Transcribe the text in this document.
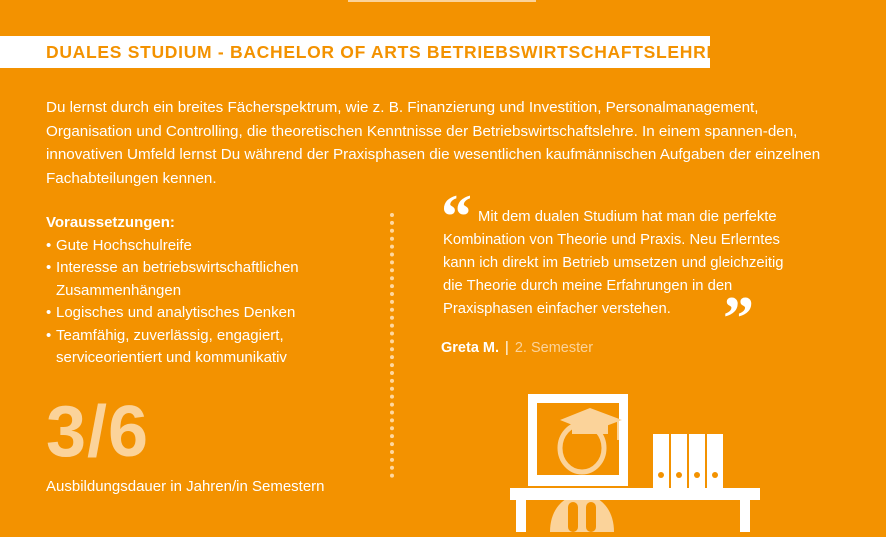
DUALES STUDIUM - BACHELOR OF ARTS BETRIEBSWIRTSCHAFTSLEHRE

Du lernst durch ein breites Fächerspektrum, wie z. B. Finanzierung und Investition, Personalmanagement, Organisation und Controlling, die theoretischen Kenntnisse der Betriebswirtschaftslehre. In einem spannen-den, innovativen Umfeld lernst Du während der Praxisphasen die wesentlichen kaufmännischen Aufgaben der einzelnen Fachabteilungen kennen.

Voraussetzungen:
• Gute Hochschulreife
• Interesse an betriebswirtschaftlichen Zusammenhängen
• Logisches und analytisches Denken
• Teamfähig, zuverlässig, engagiert, serviceorientiert und kommunikativ
“ Mit dem dualen Studium hat man die perfekte Kombination von Theorie und Praxis. Neu Erlerntes kann ich direkt im Betrieb umsetzen und gleichzeitig die Theorie durch meine Erfahrungen in den Praxisphasen einfacher verstehen. ”
Greta M. | 2. Semester
3/6
Ausbildungsdauer in Jahren/in Semestern
